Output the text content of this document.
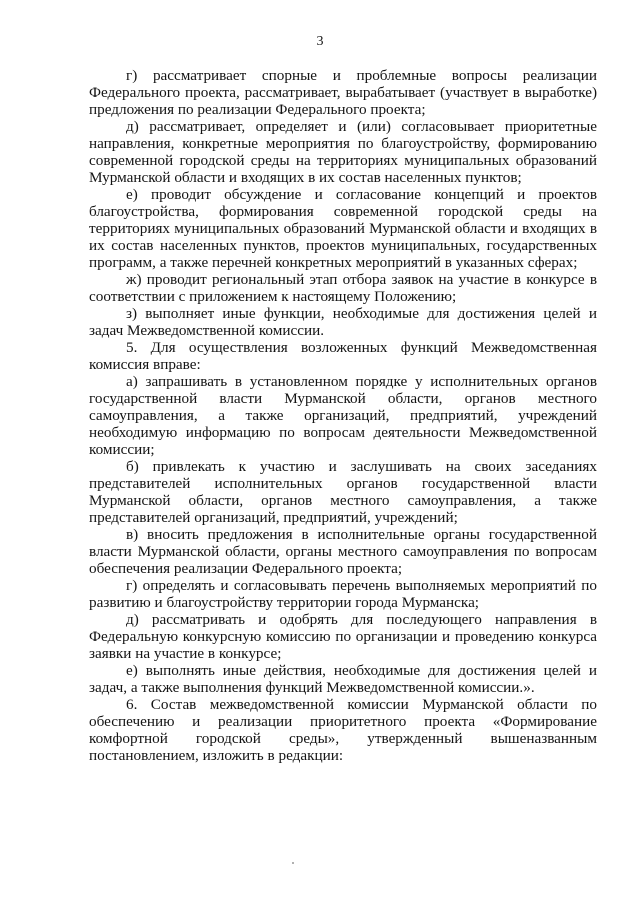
3

г) рассматривает спорные и проблемные вопросы реализации Федерального проекта, рассматривает, вырабатывает (участвует в выработке) предложения по реализации Федерального проекта;

д) рассматривает, определяет и (или) согласовывает приоритетные направления, конкретные мероприятия по благоустройству, формированию современной городской среды на территориях муниципальных образований Мурманской области и входящих в их состав населенных пунктов;

е) проводит обсуждение и согласование концепций и проектов благоустройства, формирования современной городской среды на территориях муниципальных образований Мурманской области и входящих в их состав населенных пунктов, проектов муниципальных, государственных программ, а также перечней конкретных мероприятий в указанных сферах;

ж) проводит региональный этап отбора заявок на участие в конкурсе в соответствии с приложением к настоящему Положению;

з) выполняет иные функции, необходимые для достижения целей и задач Межведомственной комиссии.

5. Для осуществления возложенных функций Межведомственная комиссия вправе:

а) запрашивать в установленном порядке у исполнительных органов государственной власти Мурманской области, органов местного самоуправления, а также организаций, предприятий, учреждений необходимую информацию по вопросам деятельности Межведомственной комиссии;

б) привлекать к участию и заслушивать на своих заседаниях представителей исполнительных органов государственной власти Мурманской области, органов местного самоуправления, а также представителей организаций, предприятий, учреждений;

в) вносить предложения в исполнительные органы государственной власти Мурманской области, органы местного самоуправления по вопросам обеспечения реализации Федерального проекта;

г) определять и согласовывать перечень выполняемых мероприятий по развитию и благоустройству территории города Мурманска;

д) рассматривать и одобрять для последующего направления в Федеральную конкурсную комиссию по организации и проведению конкурса заявки на участие в конкурсе;

е) выполнять иные действия, необходимые для достижения целей и задач, а также выполнения функций Межведомственной комиссии.».

6. Состав межведомственной комиссии Мурманской области по обеспечению и реализации приоритетного проекта «Формирование комфортной городской среды», утвержденный вышеназванным постановлением, изложить в редакции:
